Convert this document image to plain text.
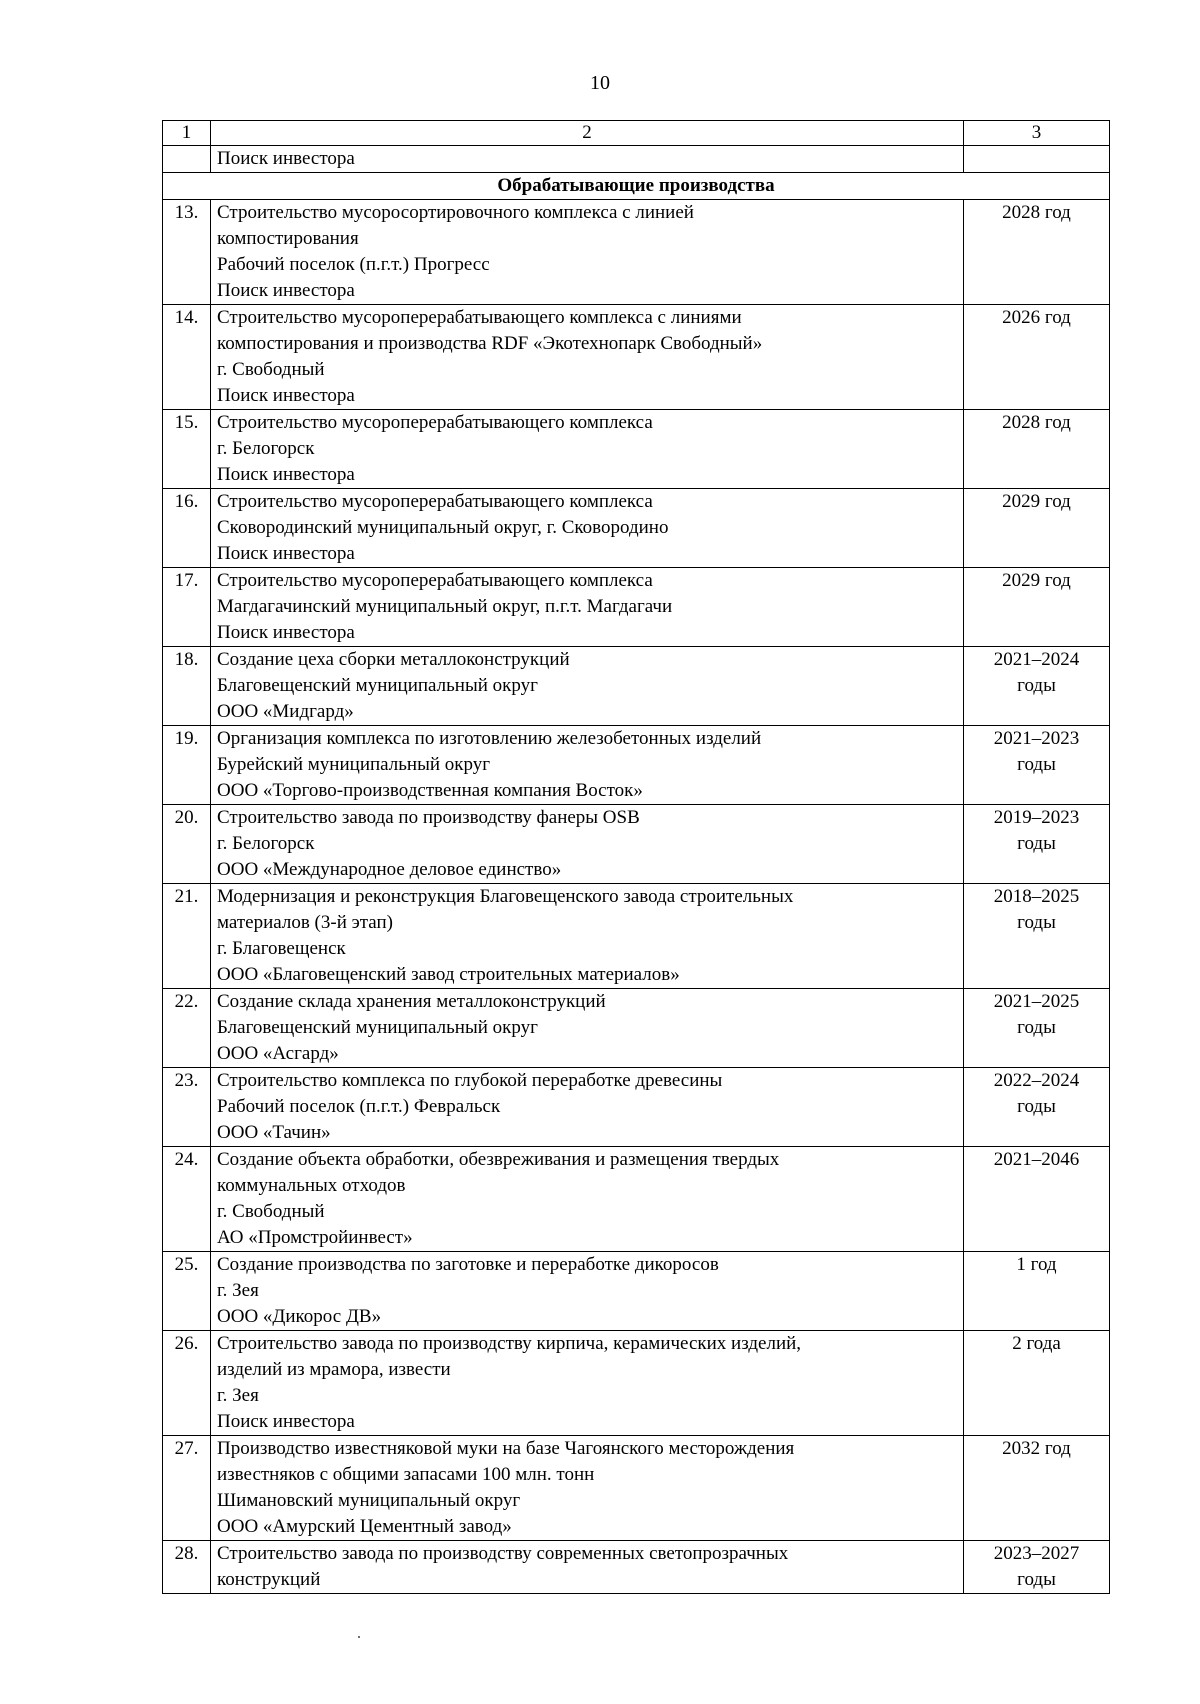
10
1	2	3

	Поиск инвестора	

Обрабатывающие производства		
13.	Строительство мусоросортировочного комплекса с линией
компостирования
Рабочий поселок (п.г.т.) Прогресс
Поиск инвестора	2028 год

14.	Строительство мусороперерабатывающего комплекса с линиями
компостирования и производства RDF «Экотехнопарк Свободный»
г. Свободный
Поиск инвестора	2026 год

15.	Строительство мусороперерабатывающего комплекса
г. Белогорск
Поиск инвестора	2028 год

16.	Строительство мусороперерабатывающего комплекса
Сковородинский муниципальный округ, г. Сковородино
Поиск инвестора	2029 год

17.	Строительство мусороперерабатывающего комплекса
Магдагачинский муниципальный округ, п.г.т. Магдагачи
Поиск инвестора	2029 год

18.	Создание цеха сборки металлоконструкций
Благовещенский муниципальный округ
ООО «Мидгард»	2021–2024
годы

19.	Организация комплекса по изготовлению железобетонных изделий
Бурейский муниципальный округ
ООО «Торгово-производственная компания Восток»	2021–2023
годы

20.	Строительство завода по производству фанеры OSB
г. Белогорск
ООО «Международное деловое единство»	2019–2023
годы

21.	Модернизация и реконструкция Благовещенского завода строительных
материалов (3-й этап)
г. Благовещенск
ООО «Благовещенский завод строительных материалов»	2018–2025
годы

22.	Создание склада хранения металлоконструкций
Благовещенский муниципальный округ
ООО «Асгард»	2021–2025
годы

23.	Строительство комплекса по глубокой переработке древесины
Рабочий поселок (п.г.т.) Февральск
ООО «Тачин»	2022–2024
годы

24.	Создание объекта обработки, обезвреживания и размещения твердых
коммунальных отходов
г. Свободный
АО «Промстройинвест»	2021–2046

25.	Создание производства по заготовке и переработке дикоросов
г. Зея
ООО «Дикорос ДВ»	1 год

26.	Строительство завода по производству кирпича, керамических изделий,
изделий из мрамора, извести
г. Зея
Поиск инвестора	2 года

27.	Производство известняковой муки на базе Чагоянского месторождения
известняков с общими запасами 100 млн. тонн
Шимановский муниципальный округ
ООО «Амурский Цементный завод»	2032 год

28.	Строительство завода по производству современных светопрозрачных
конструкций	2023–2027
годы
